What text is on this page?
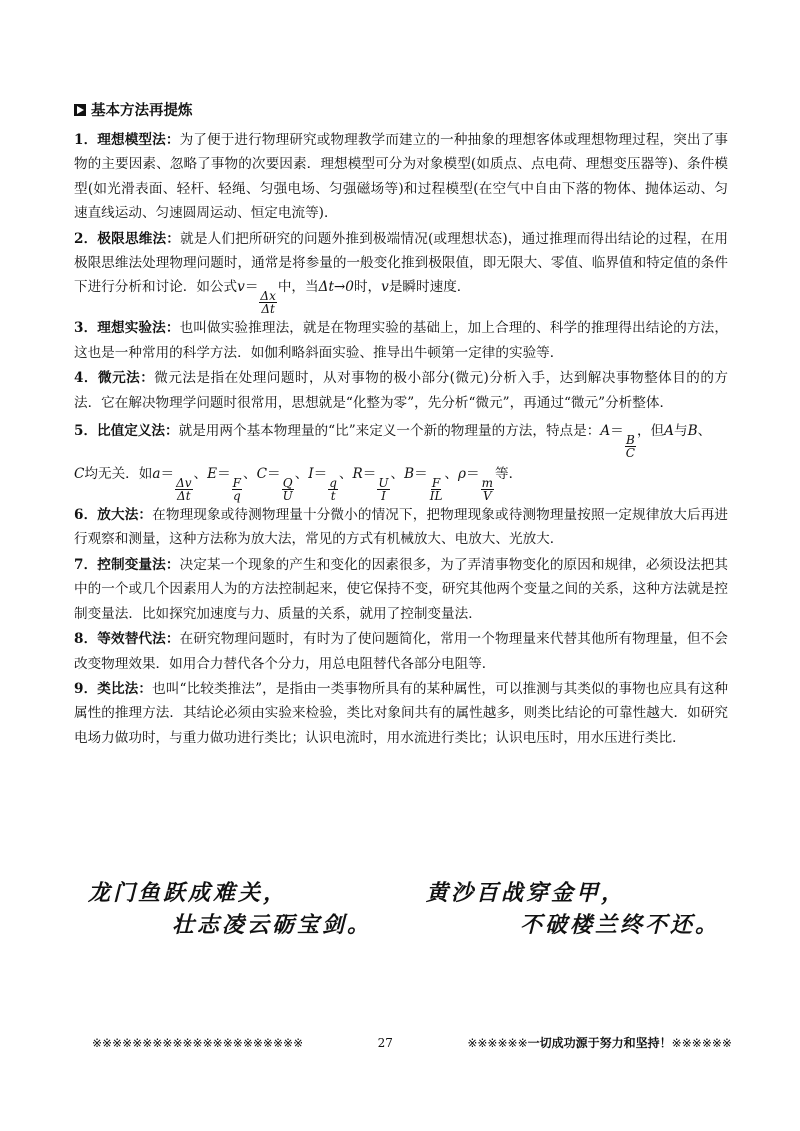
基本方法再提炼

1．理想模型法：为了便于进行物理研究或物理教学而建立的一种抽象的理想客体或理想物理过程，突出了事物的主要因素、忽略了事物的次要因素．理想模型可分为对象模型(如质点、点电荷、理想变压器等)、条件模型(如光滑表面、轻杆、轻绳、匀强电场、匀强磁场等)和过程模型(在空气中自由下落的物体、抛体运动、匀速直线运动、匀速圆周运动、恒定电流等)．

2．极限思维法：就是人们把所研究的问题外推到极端情况(或理想状态)，通过推理而得出结论的过程，在用极限思维法处理物理问题时，通常是将参量的一般变化推到极限值，即无限大、零值、临界值和特定值的条件下进行分析和讨论．如公式v＝
$\frac{\Delta x}{\Delta t}$
中，当Δt→0时，v是瞬时速度．

3．理想实验法：也叫做实验推理法，就是在物理实验的基础上，加上合理的、科学的推理得出结论的方法，这也是一种常用的科学方法．如伽利略斜面实验、推导出牛顿第一定律的实验等．

4．微元法：微元法是指在处理问题时，从对事物的极小部分(微元)分析入手，达到解决事物整体目的的方法．它在解决物理学问题时很常用，思想就是“化整为零”，先分析“微元”，再通过“微元”分析整体．

5．比值定义法：就是用两个基本物理量的“比”来定义一个新的物理量的方法，特点是：A＝
$\frac{B}{C}$
，但A与B、
C均无关．如a＝
$\frac{\Delta v}{\Delta t}$
、E＝
$\frac{F}{q}$
、C＝
$\frac{Q}{U}$
、I＝
$\frac{q}{t}$
、R＝
$\frac{U}{I}$
、B＝
$\frac{F}{IL}$
、ρ＝
$\frac{m}{V}$
等．

6．放大法：在物理现象或待测物理量十分微小的情况下，把物理现象或待测物理量按照一定规律放大后再进行观察和测量，这种方法称为放大法，常见的方式有机械放大、电放大、光放大．

7．控制变量法：决定某一个现象的产生和变化的因素很多，为了弄清事物变化的原因和规律，必须设法把其中的一个或几个因素用人为的方法控制起来，使它保持不变，研究其他两个变量之间的关系，这种方法就是控制变量法．比如探究加速度与力、质量的关系，就用了控制变量法．

8．等效替代法：在研究物理问题时，有时为了使问题简化，常用一个物理量来代替其他所有物理量，但不会改变物理效果．如用合力替代各个分力，用总电阻替代各部分电阻等．

9．类比法：也叫“比较类推法”，是指由一类事物所具有的某种属性，可以推测与其类似的事物也应具有这种属性的推理方法．其结论必须由实验来检验，类比对象间共有的属性越多，则类比结论的可靠性越大．如研究电场力做功时，与重力做功进行类比；认识电流时，用水流进行类比；认识电压时，用水压进行类比．

龙门鱼跃成难关，
壮志凌云砺宝剑。
黄沙百战穿金甲，
不破楼兰终不还。
※※※※※※※※※※※※※※※※※※※※※	27	※※※※※※一切成功源于努力和坚持！※※※※※※
